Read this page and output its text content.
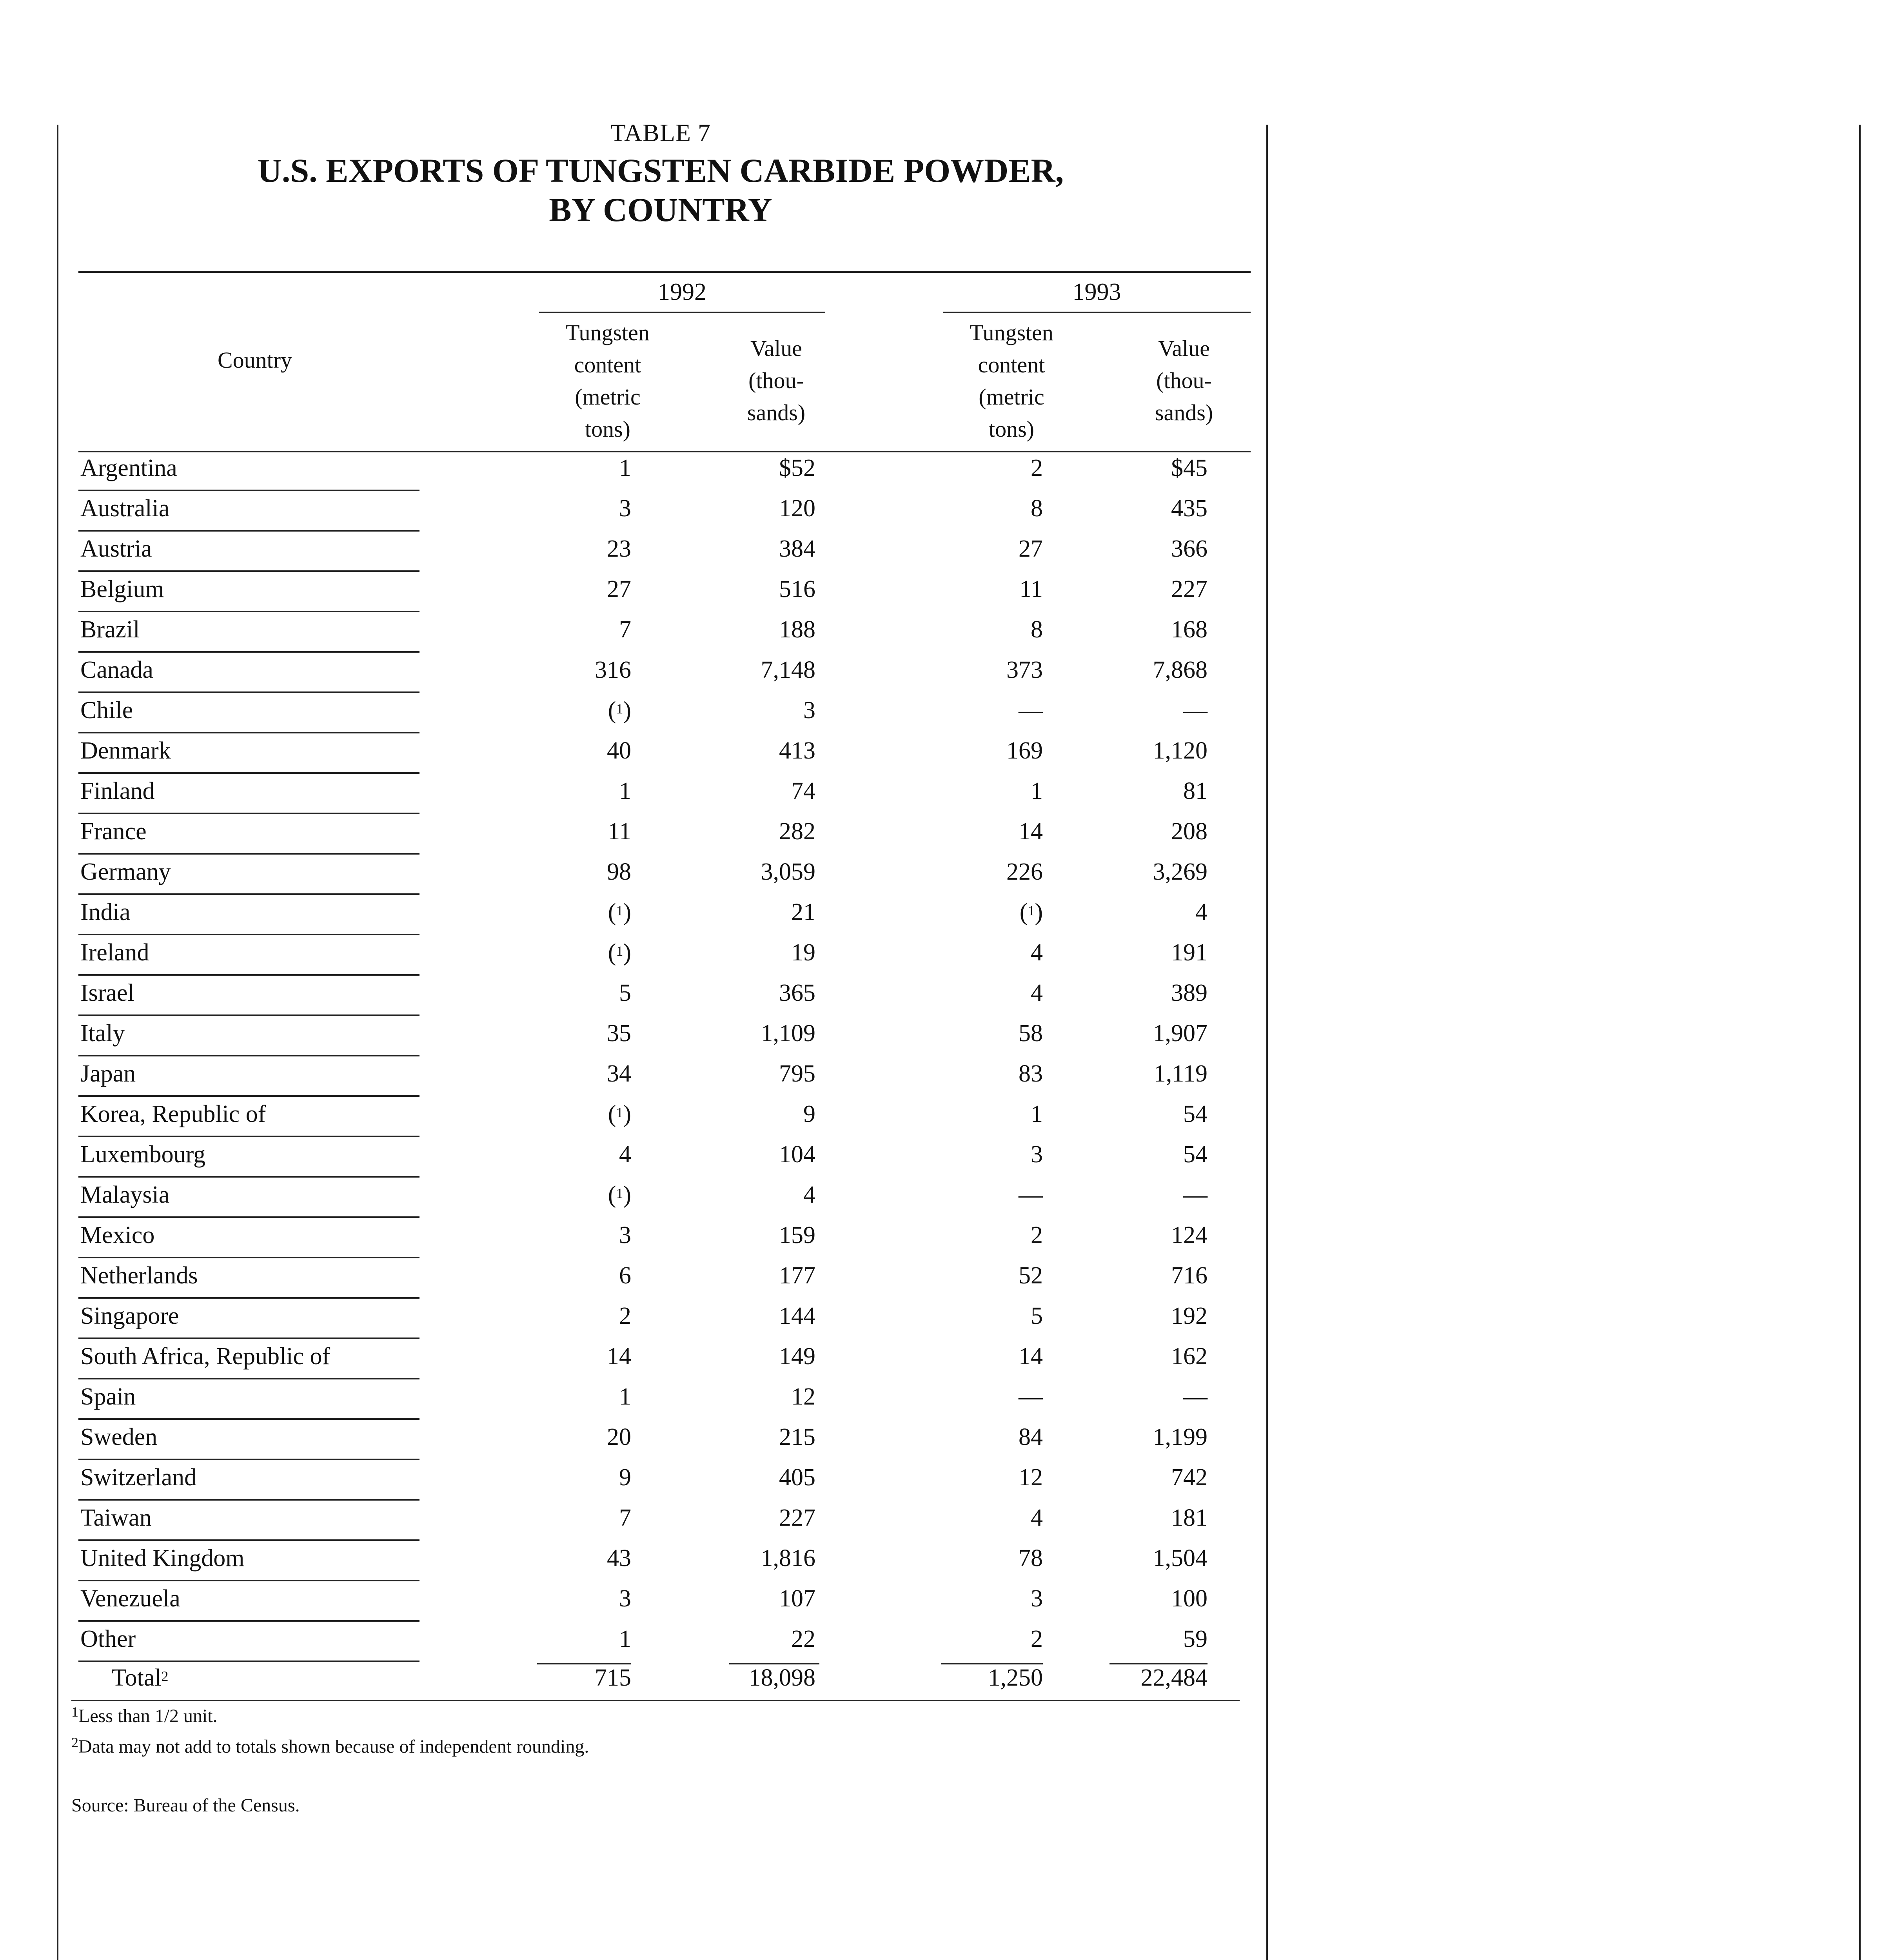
TABLE 7
U.S. EXPORTS OF TUNGSTEN CARBIDE POWDER,
BY COUNTRY
Country
1992	1993
Tungsten
content
(metric
tons)
Value
(thou-
sands)
Tungsten
content
(metric
tons)
Value
(thou-
sands)
Argentina	1	$52	2	$45
Australia	3	120	8	435
Austria	23	384	27	366
Belgium	27	516	11	227
Brazil	7	188	8	168
Canada	316	7,148	373	7,868
Chile	($^1$)	3	—	—
Denmark	40	413	169	1,120
Finland	1	74	1	81
France	11	282	14	208
Germany	98	3,059	226	3,269
India	($^1$)	21	($^1$)	4
Ireland	($^1$)	19	4	191
Israel	5	365	4	389
Italy	35	1,109	58	1,907
Japan	34	795	83	1,119
Korea, Republic of	($^1$)	9	1	54
Luxembourg	4	104	3	54
Malaysia	($^1$)	4	—	—
Mexico	3	159	2	124
Netherlands	6	177	52	716
Singapore	2	144	5	192
South Africa, Republic of	14	149	14	162
Spain	1	12	—	—
Sweden	20	215	84	1,199
Switzerland	9	405	12	742
Taiwan	7	227	4	181
United Kingdom	43	1,816	78	1,504
Venezuela	3	107	3	100
Other	1	22	2	59
Total$^2$	715	18,098	1,250	22,484
$^1$Less than 1/2 unit.
$^2$Data may not add to totals shown because of independent rounding.
Source: Bureau of the Census.
